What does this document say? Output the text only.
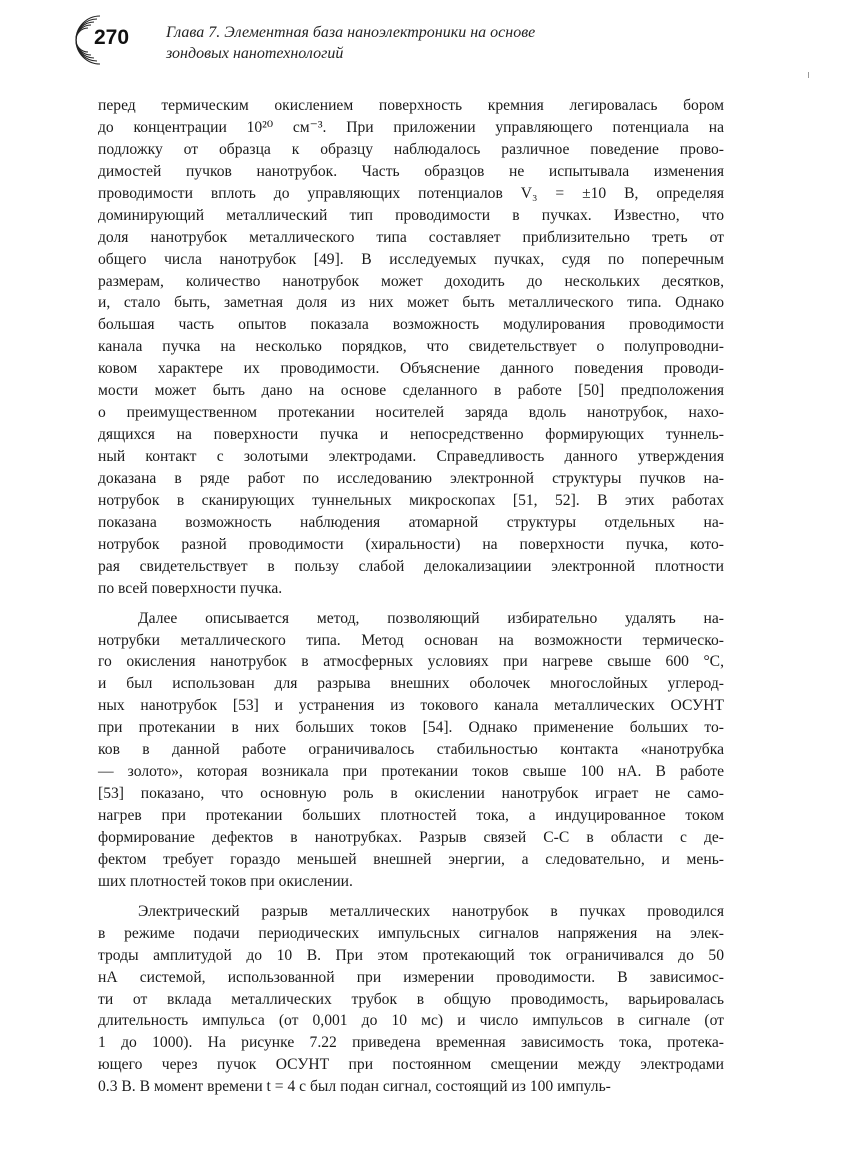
270 Глава 7. Элементная база наноэлектроники на основе
зондовых нанотехнологий
перед термическим окислением поверхность кремния легировалась бором
до концентрации 10²⁰ см⁻³. При приложении управляющего потенциала на
подложку от образца к образцу наблюдалось различное поведение прово-
димостей пучков нанотрубок. Часть образцов не испытывала изменения
проводимости вплоть до управляющих потенциалов V₃ = ±10 В, определяя
доминирующий металлический тип проводимости в пучках. Известно, что
доля нанотрубок металлического типа составляет приблизительно треть от
общего числа нанотрубок [49]. В исследуемых пучках, судя по поперечным
размерам, количество нанотрубок может доходить до нескольких десятков,
и, стало быть, заметная доля из них может быть металлического типа. Однако
большая часть опытов показала возможность модулирования проводимости
канала пучка на несколько порядков, что свидетельствует о полупроводни-
ковом характере их проводимости. Объяснение данного поведения проводи-
мости может быть дано на основе сделанного в работе [50] предположения
о преимущественном протекании носителей заряда вдоль нанотрубок, нахо-
дящихся на поверхности пучка и непосредственно формирующих туннель-
ный контакт с золотыми электродами. Справедливость данного утверждения
доказана в ряде работ по исследованию электронной структуры пучков на-
нотрубок в сканирующих туннельных микроскопах [51, 52]. В этих работах
показана возможность наблюдения атомарной структуры отдельных на-
нотрубок разной проводимости (хиральности) на поверхности пучка, кото-
рая свидетельствует в пользу слабой делокализациии электронной плотности
по всей поверхности пучка.
Далее описывается метод, позволяющий избирательно удалять на-
нотрубки металлического типа. Метод основан на возможности термическо-
го окисления нанотрубок в атмосферных условиях при нагреве свыше 600 °С,
и был использован для разрыва внешних оболочек многослойных углерод-
ных нанотрубок [53] и устранения из токового канала металлических ОСУНТ
при протекании в них больших токов [54]. Однако применение больших то-
ков в данной работе ограничивалось стабильностью контакта «нанотрубка
— золото», которая возникала при протекании токов свыше 100 нА. В работе
[53] показано, что основную роль в окислении нанотрубок играет не само-
нагрев при протекании больших плотностей тока, а индуцированное током
формирование дефектов в нанотрубках. Разрыв связей С-С в области с де-
фектом требует гораздо меньшей внешней энергии, а следовательно, и мень-
ших плотностей токов при окислении.
Электрический разрыв металлических нанотрубок в пучках проводился
в режиме подачи периодических импульсных сигналов напряжения на элек-
троды амплитудой до 10 В. При этом протекающий ток ограничивался до 50
нА системой, использованной при измерении проводимости. В зависимос-
ти от вклада металлических трубок в общую проводимость, варьировалась
длительность импульса (от 0,001 до 10 мс) и число импульсов в сигнале (от
1 до 1000). На рисунке 7.22 приведена временная зависимость тока, протека-
ющего через пучок ОСУНТ при постоянном смещении между электродами
0.3 В. В момент времени t = 4 с был подан сигнал, состоящий из 100 импуль-
